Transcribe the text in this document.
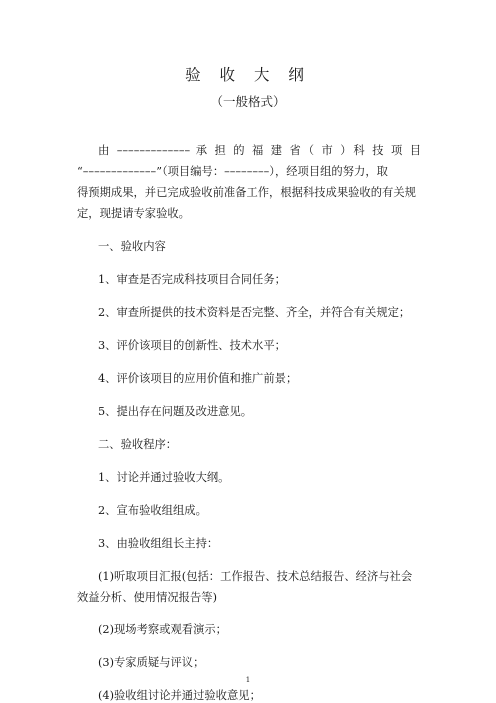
验 收 大 纲
（一般格式）
由 ––––––––––––– 承 担 的 福 建 省（ 市 ）科 技 项 目
“–––––––––––––”（项目编号：––––––––），经项目组的努力，取
得预期成果，并已完成验收前准备工作，根据科技成果验收的有关规
定，现提请专家验收。
一、验收内容
1、审查是否完成科技项目合同任务；
2、审查所提供的技术资料是否完整、齐全，并符合有关规定；
3、评价该项目的创新性、技术水平；
4、评价该项目的应用价值和推广前景；
5、提出存在问题及改进意见。
二、验收程序：
1、讨论并通过验收大纲。
2、宣布验收组组成。
3、由验收组组长主持：
(1)听取项目汇报(包括：工作报告、技术总结报告、经济与社会
效益分析、使用情况报告等)
(2)现场考察或观看演示；
(3)专家质疑与评议；
(4)验收组讨论并通过验收意见；
1
